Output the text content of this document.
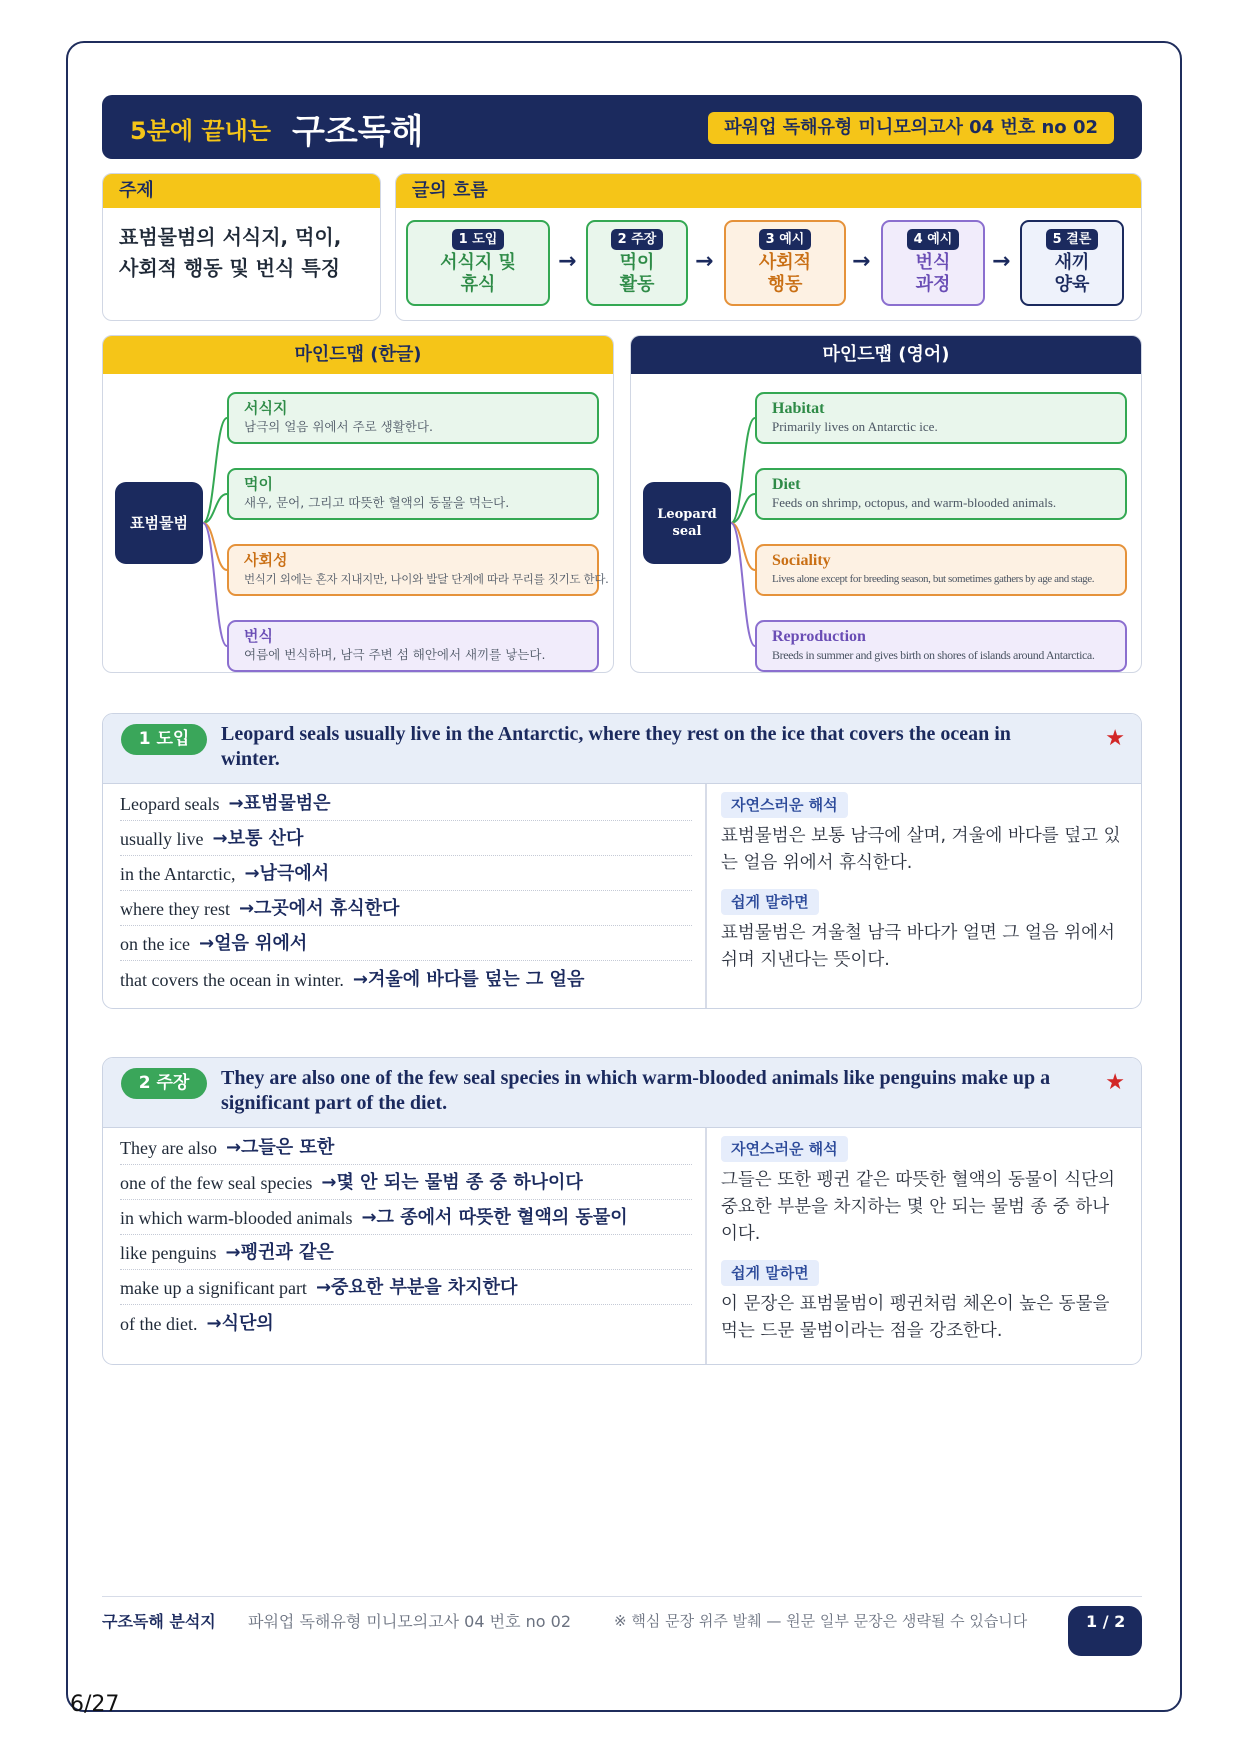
5분에 끝내는 구조독해	파워업 독해유형 미니모의고사 04 번호 no 02
주제
표범물범의 서식지, 먹이, 사회적 행동 및 번식 특징
글의 흐름
1 도입
서식지 및 휴식
→
2 주장
먹이 활동
→
3 예시
사회적 행동
→
4 예시
번식 과정
→
5 결론
새끼 양육
마인드맵 (한글)
표범물범
서식지
남극의 얼음 위에서 주로 생활한다.
먹이
새우, 문어, 그리고 따뜻한 혈액의 동물을 먹는다.
사회성
번식기 외에는 혼자 지내지만, 나이와 발달 단계에 따라 무리를 짓기도 한다.
번식
여름에 번식하며, 남극 주변 섬 해안에서 새끼를 낳는다.
마인드맵 (영어)
Leopard seal
Habitat
Primarily lives on Antarctic ice.
Diet
Feeds on shrimp, octopus, and warm-blooded animals.
Sociality
Lives alone except for breeding season, but sometimes gathers by age and stage.
Reproduction
Breeds in summer and gives birth on shores of islands around Antarctica.
1 도입	Leopard seals usually live in the Antarctic, where they rest on the ice that covers the ocean in winter.
★
Leopard seals →표범물범은
usually live →보통 산다
in the Antarctic, →남극에서
where they rest →그곳에서 휴식한다
on the ice →얼음 위에서
that covers the ocean in winter. →겨울에 바다를 덮는 그 얼음
자연스러운 해석
표범물범은 보통 남극에 살며, 겨울에 바다를 덮고 있는 얼음 위에서 휴식한다.
쉽게 말하면
표범물범은 겨울철 남극 바다가 얼면 그 얼음 위에서 쉬며 지낸다는 뜻이다.
2 주장	They are also one of the few seal species in which warm-blooded animals like penguins make up a significant part of the diet.
★
They are also →그들은 또한
one of the few seal species →몇 안 되는 물범 종 중 하나이다
in which warm-blooded animals →그 종에서 따뜻한 혈액의 동물이
like penguins →펭귄과 같은
make up a significant part →중요한 부분을 차지한다
of the diet. →식단의
자연스러운 해석
그들은 또한 펭귄 같은 따뜻한 혈액의 동물이 식단의 중요한 부분을 차지하는 몇 안 되는 물범 종 중 하나이다.
쉽게 말하면
이 문장은 표범물범이 펭귄처럼 체온이 높은 동물을 먹는 드문 물범이라는 점을 강조한다.
구조독해 분석지	파워업 독해유형 미니모의고사 04 번호 no 02	※ 핵심 문장 위주 발췌 — 원문 일부 문장은 생략될 수 있습니다	1 / 2
6/27
